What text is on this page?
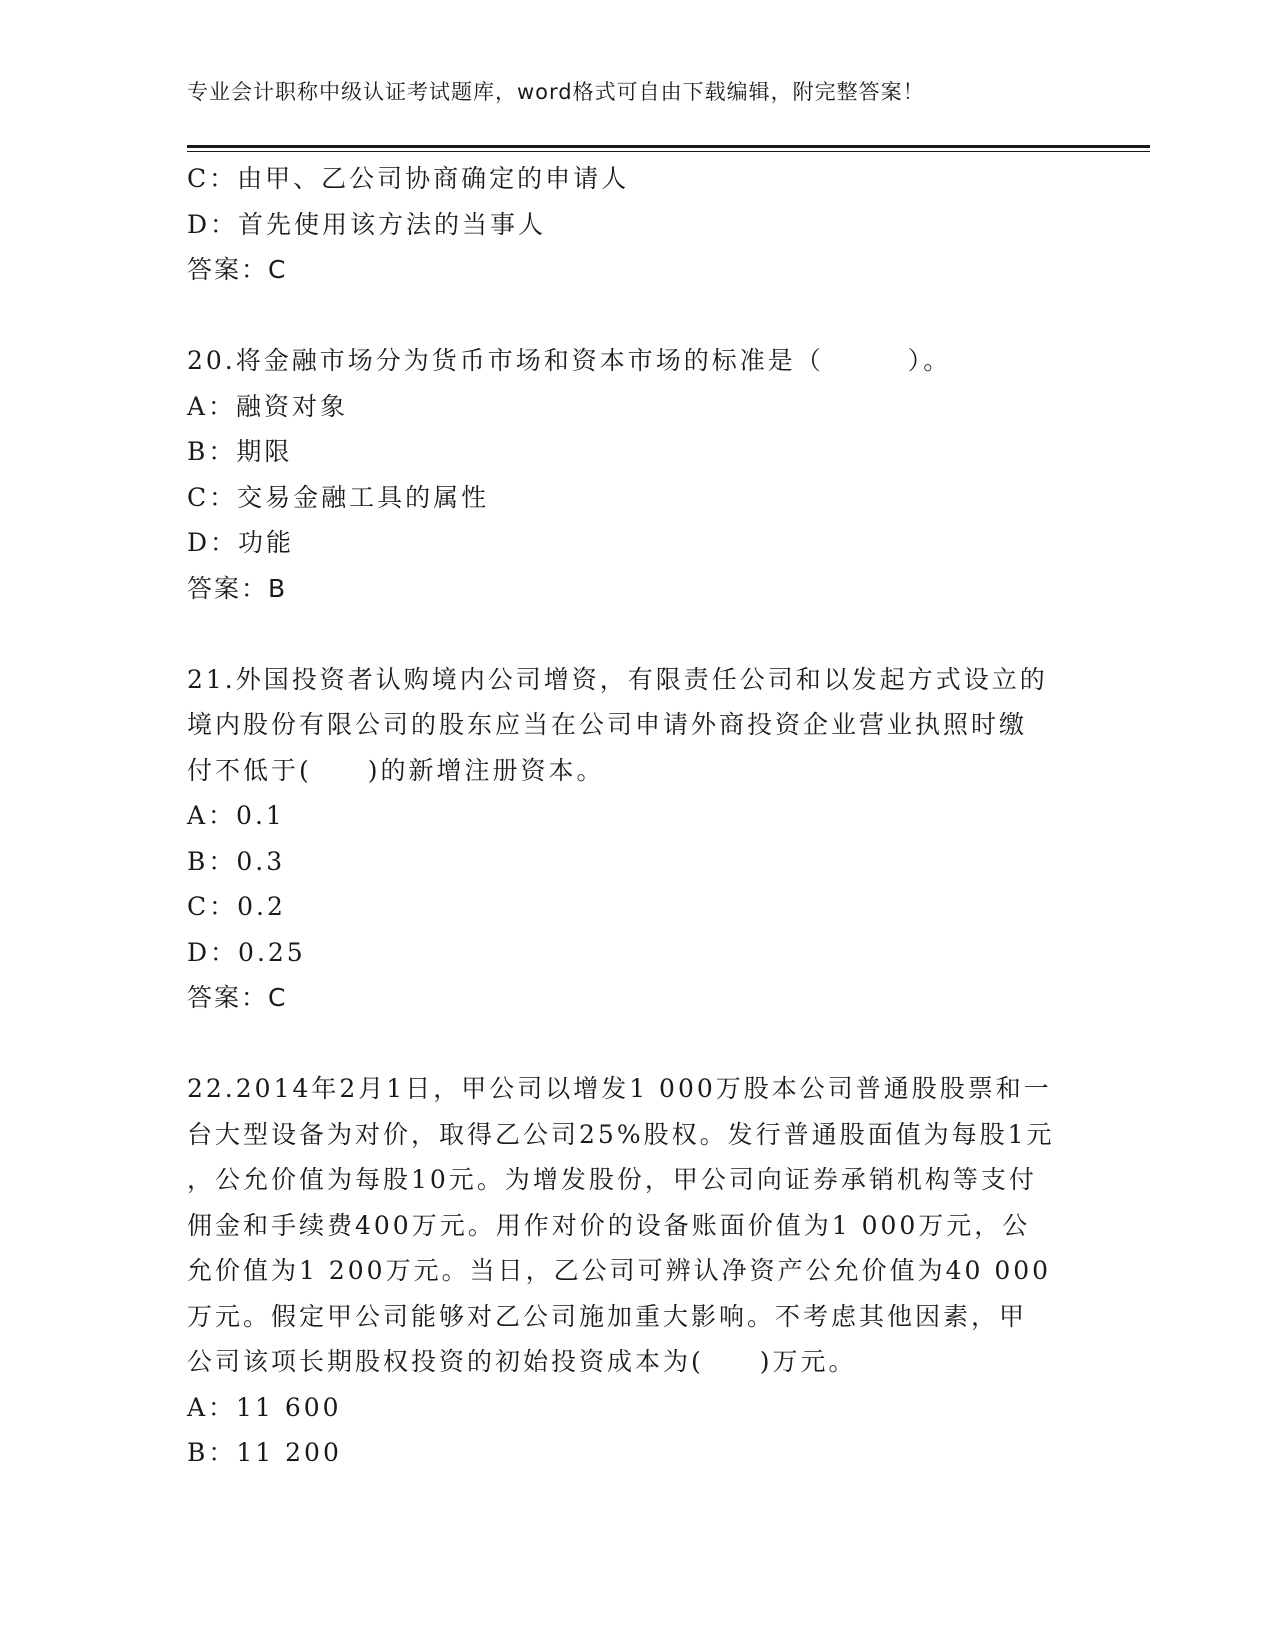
专业会计职称中级认证考试题库，word格式可自由下载编辑，附完整答案！
C：由甲、乙公司协商确定的申请人
D：首先使用该方法的当事人
答案：C
20.将金融市场分为货币市场和资本市场的标准是（　　　）。
A：融资对象
B：期限
C：交易金融工具的属性
D：功能
答案：B
21.外国投资者认购境内公司增资，有限责任公司和以发起方式设立的
境内股份有限公司的股东应当在公司申请外商投资企业营业执照时缴
付不低于(　　)的新增注册资本。
A：0.1
B：0.3
C：0.2
D：0.25
答案：C
22.2014年2月1日，甲公司以增发1 000万股本公司普通股股票和一
台大型设备为对价，取得乙公司25%股权。发行普通股面值为每股1元
，公允价值为每股10元。为增发股份，甲公司向证券承销机构等支付
佣金和手续费400万元。用作对价的设备账面价值为1 000万元，公
允价值为1 200万元。当日，乙公司可辨认净资产公允价值为40 000
万元。假定甲公司能够对乙公司施加重大影响。不考虑其他因素，甲
公司该项长期股权投资的初始投资成本为(　　)万元。
A：11 600
B：11 200
